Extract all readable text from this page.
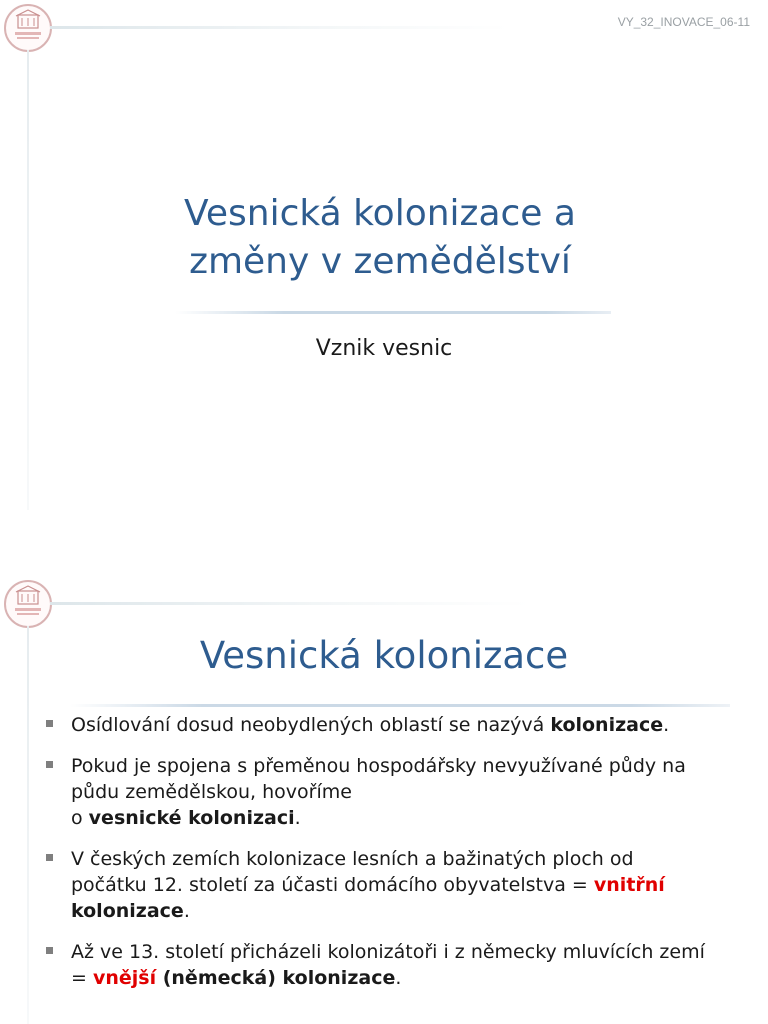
VY_32_INOVACE_06-11
Vesnická kolonizace a
změny v zemědělství

Vznik vesnic

Vesnická kolonizace
Osídlování dosud neobydlených oblastí se nazývá kolonizace.
Pokud je spojena s přeměnou hospodářsky nevyužívané půdy na
půdu zemědělskou, hovoříme
o vesnické kolonizaci.
V českých zemích kolonizace lesních a bažinatých ploch od
počátku 12. století za účasti domácího obyvatelstva = vnitřní
kolonizace.
Až ve 13. století přicházeli kolonizátoři i z německy mluvících zemí
= vnější (německá) kolonizace.
